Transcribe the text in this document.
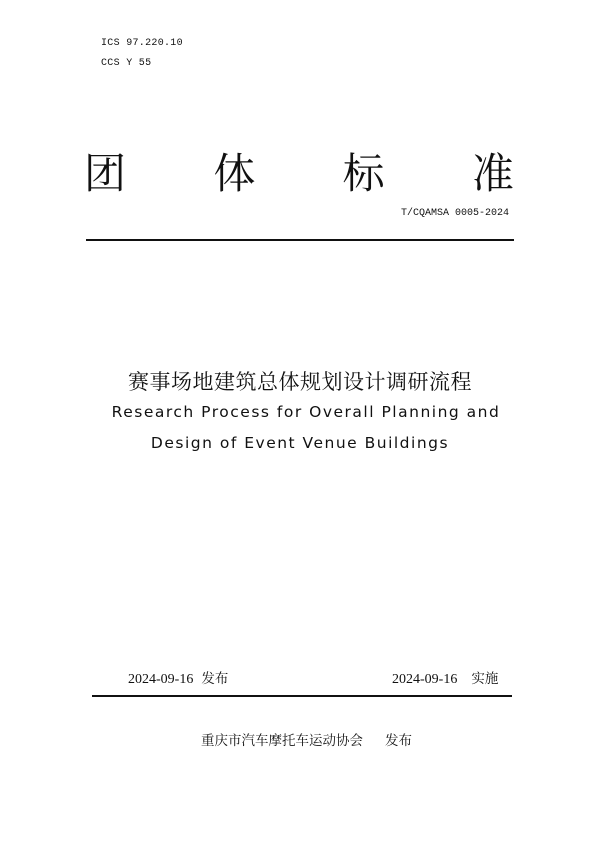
ICS 97.220.10
CCS Y 55
团 体 标 准
T/CQAMSA 0005-2024
赛事场地建筑总体规划设计调研流程
Research Process for Overall Planning and
Design of Event Venue Buildings
2024-09-16 发布	2024-09-16 实施
重庆市汽车摩托车运动协会 发布
